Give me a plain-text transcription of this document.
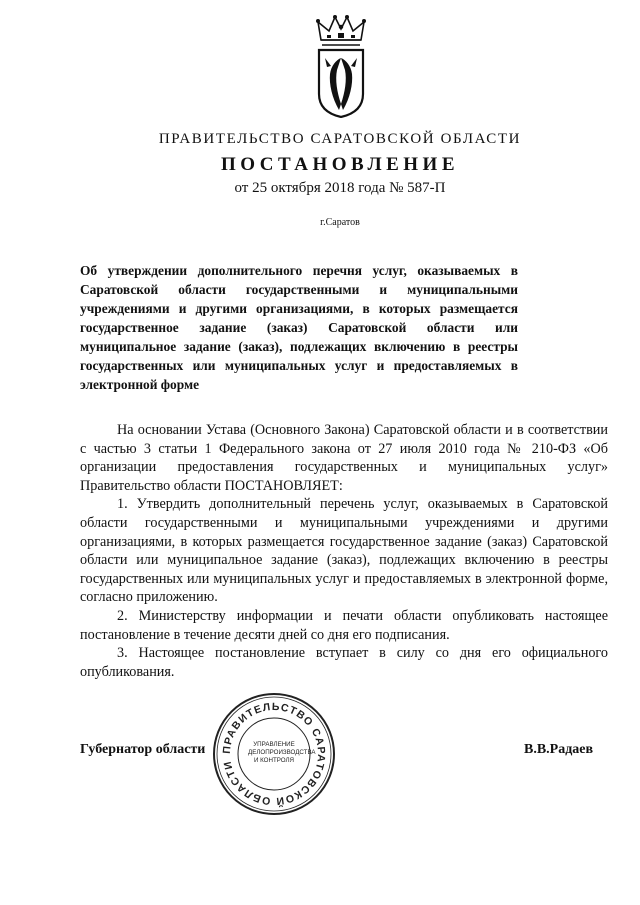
ПРАВИТЕЛЬСТВО САРАТОВСКОЙ ОБЛАСТИ
ПОСТАНОВЛЕНИЕ
от 25 октября 2018 года № 587-П
г.Саратов
Об утверждении дополнительного перечня услуг, оказываемых в Саратовской области государственными и муниципальными учреждениями и другими организациями, в которых размещается государственное задание (заказ) Саратовской области или муниципальное задание (заказ), подлежащих включению в реестры государственных или муниципальных услуг и предоставляемых в электронной форме

На основании Устава (Основного Закона) Саратовской области и в соответствии с частью 3 статьи 1 Федерального закона от 27 июля 2010 года № 210-ФЗ «Об организации предоставления государственных и муниципальных услуг» Правительство области ПОСТАНОВЛЯЕТ:

1. Утвердить дополнительный перечень услуг, оказываемых в Саратовской области государственными и муниципальными учреждениями и другими организациями, в которых размещается государственное задание (заказ) Саратовской области или муниципальное задание (заказ), подлежащих включению в реестры государственных или муниципальных услуг и предоставляемых в электронной форме, согласно приложению.

2. Министерству информации и печати области опубликовать настоящее постановление в течение десяти дней со дня его подписания.

3. Настоящее постановление вступает в силу со дня его официального опубликования.

ПРАВИТЕЛЬСТВО САРАТОВСКОЙ ОБЛАСТИ
УПРАВЛЕНИЕ
ДЕЛОПРОИЗВОДСТВА
И КОНТРОЛЯ
Губернатор области	В.В.Радаев
